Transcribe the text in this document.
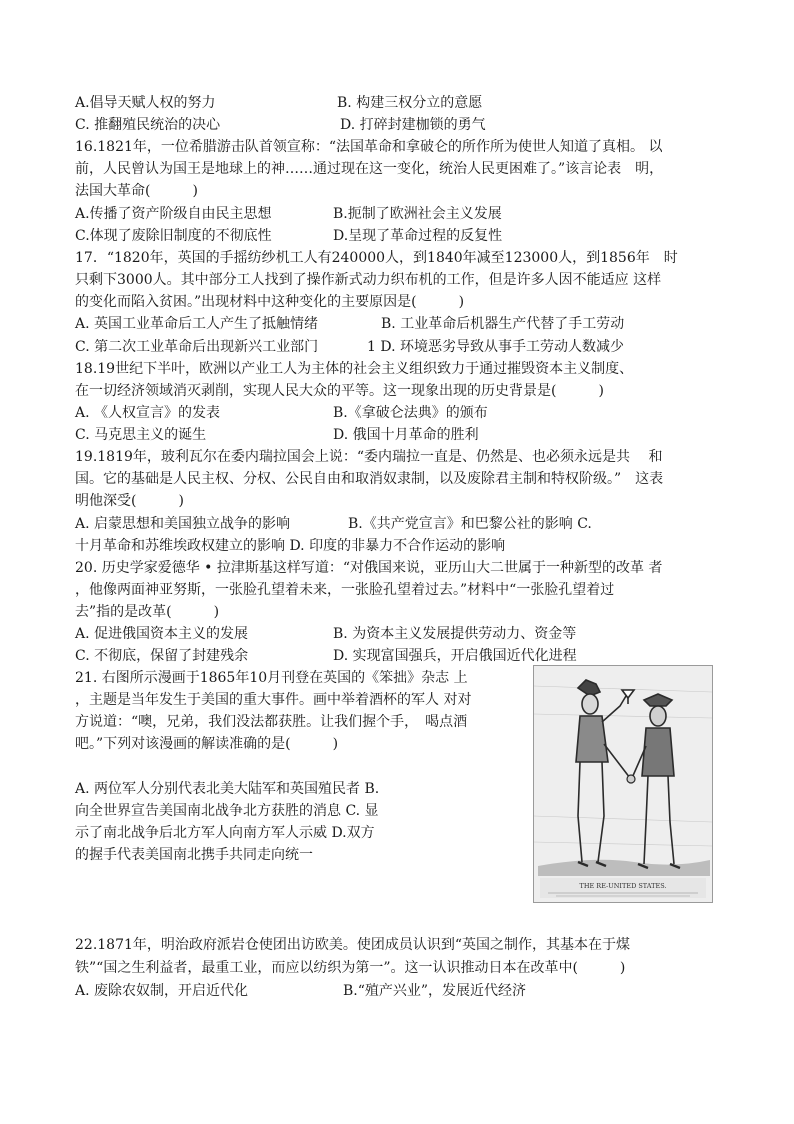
A.倡导天赋人权的努力	B. 构建三权分立的意愿
C. 推翻殖民统治的决心	D. 打碎封建枷锁的勇气
16.1821年，一位希腊游击队首领宣称：“法国革命和拿破仑的所作所为使世人知道了真相。 以
前，人民曾认为国王是地球上的神……通过现在这一变化，统治人民更困难了。”该言论表　明，
法国大革命(　　　)
A.传播了资产阶级自由民主思想	B.扼制了欧洲社会主义发展
C.体现了废除旧制度的不彻底性	D.呈现了革命过程的反复性
17．“1820年，英国的手摇纺纱机工人有240000人，到1840年减至123000人，到1856年　时
只剩下3000人。其中部分工人找到了操作新式动力织布机的工作，但是许多人因不能适应 这样
的变化而陷入贫困。”出现材料中这种变化的主要原因是(　　　)
A. 英国工业革命后工人产生了抵触情绪	B. 工业革命后机器生产代替了手工劳动
C. 第二次工业革命后出现新兴工业部门	1 D. 环境恶劣导致从事手工劳动人数减少
18.19世纪下半叶，欧洲以产业工人为主体的社会主义组织致力于通过摧毁资本主义制度、
在一切经济领域消灭剥削，实现人民大众的平等。这一现象出现的历史背景是(　　　)
A. 《人权宣言》的发表	B.《拿破仑法典》的颁布
C. 马克思主义的诞生	D. 俄国十月革命的胜利
19.1819年，玻利瓦尔在委内瑞拉国会上说：“委内瑞拉一直是、仍然是、也必须永远是共　 和
国。它的基础是人民主权、分权、公民自由和取消奴隶制，以及废除君主制和特权阶级。”　这表
明他深受(　　　)
A. 启蒙思想和美国独立战争的影响	B.《共产党宣言》和巴黎公社的影响 C.
十月革命和苏维埃政权建立的影响 D. 印度的非暴力不合作运动的影响
20. 历史学家爱德华 • 拉津斯基这样写道：“对俄国来说，亚历山大二世属于一种新型的改革 者
，他像两面神亚努斯，一张脸孔望着未来，一张脸孔望着过去。”材料中“一张脸孔望着过
去”指的是改革(　　　)
A. 促进俄国资本主义的发展	B. 为资本主义发展提供劳动力、资金等
C. 不彻底，保留了封建残余	D. 实现富国强兵，开启俄国近代化进程
21. 右图所示漫画于1865年10月刊登在英国的《笨拙》杂志 上
，主题是当年发生于美国的重大事件。画中举着酒杯的军人 对对
方说道：“噢，兄弟，我们没法都获胜。让我们握个手，　喝点酒
吧。”下列对该漫画的解读准确的是(　　　)
A. 两位军人分别代表北美大陆军和英国殖民者 B.
向全世界宣告美国南北战争北方获胜的消息 C. 显
示了南北战争后北方军人向南方军人示威 D.双方
的握手代表美国南北携手共同走向统一
THE RE-UNITED STATES.
22.1871年，明治政府派岩仓使团出访欧美。使团成员认识到“英国之制作，其基本在于煤
铁”“国之生利益者，最重工业，而应以纺织为第一”。这一认识推动日本在改革中(　　　)
A. 废除农奴制，开启近代化	B.“殖产兴业”，发展近代经济
